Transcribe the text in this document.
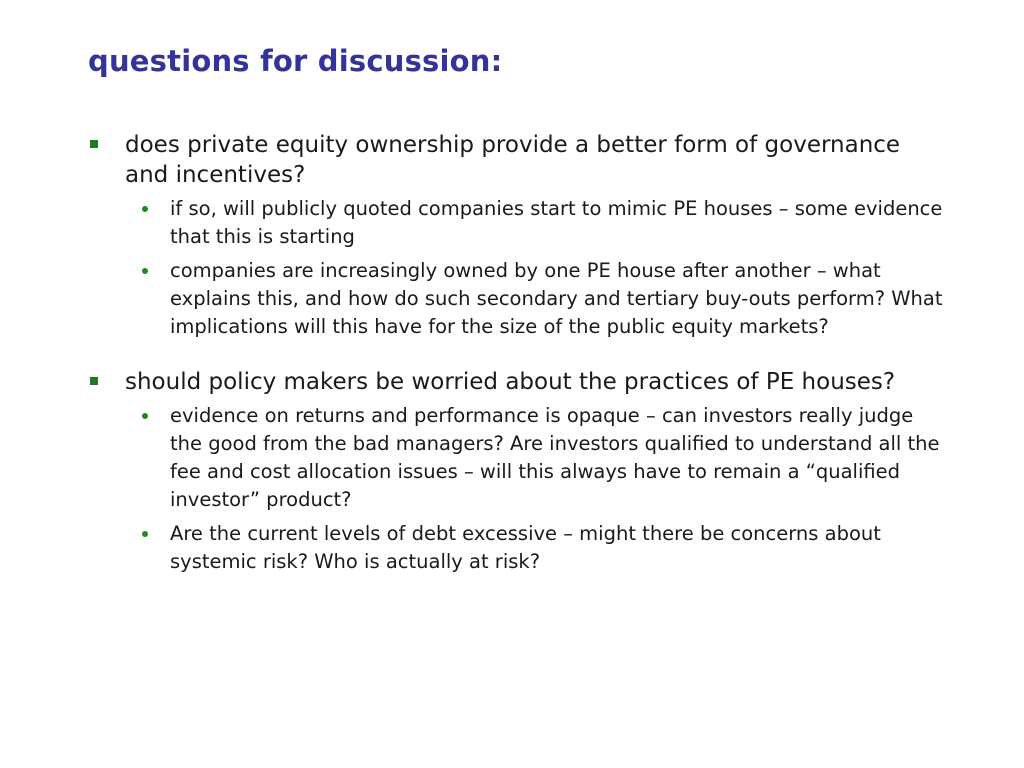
questions for discussion:
does private equity ownership provide a better form of governance and incentives?
if so, will publicly quoted companies start to mimic PE houses – some evidence that this is starting
companies are increasingly owned by one PE house after another – what explains this, and how do such secondary and tertiary buy-outs perform? What implications will this have for the size of the public equity markets?
should policy makers be worried about the practices of PE houses?
evidence on returns and performance is opaque – can investors really judge the good from the bad managers? Are investors qualified to understand all the fee and cost allocation issues – will this always have to remain a “qualified investor” product?
Are the current levels of debt excessive – might there be concerns about systemic risk? Who is actually at risk?
